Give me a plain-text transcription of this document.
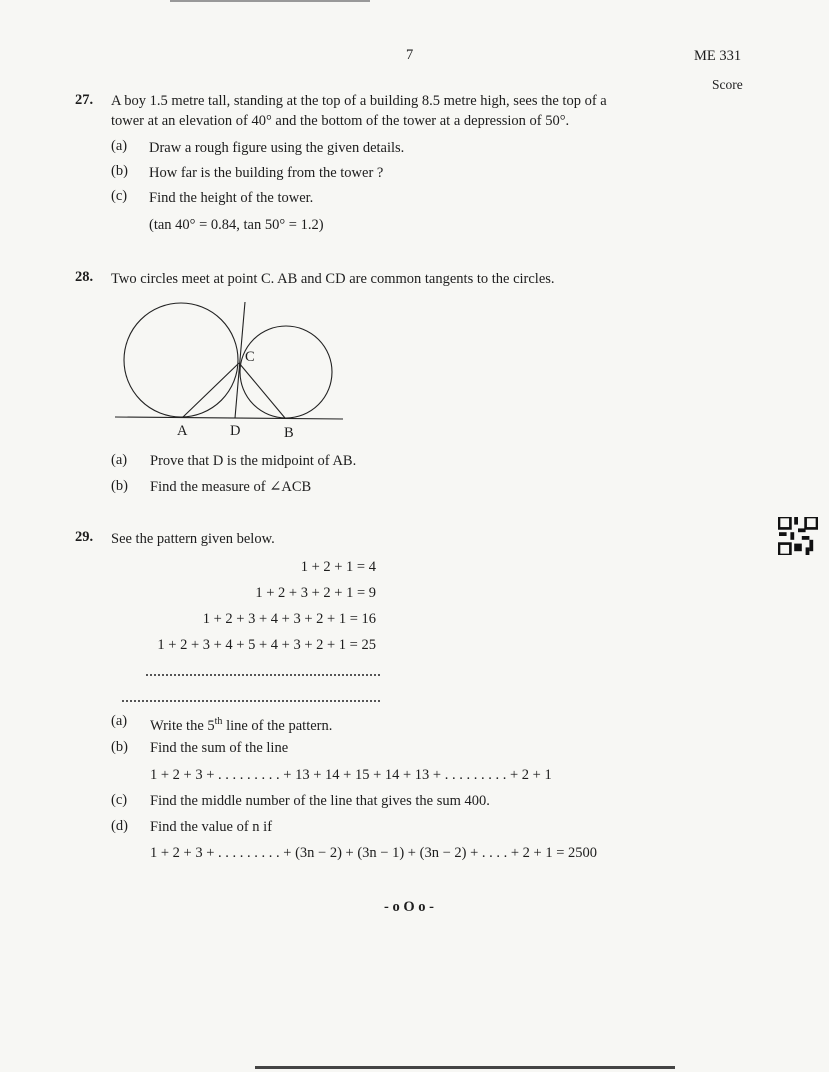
7	ME 331
Score
27. A boy 1.5 metre tall, standing at the top of a building 8.5 metre high, sees the top of a
tower at an elevation of 40° and the bottom of the tower at a depression of 50°.
(a) Draw a rough figure using the given details.
(b) How far is the building from the tower ?
(c) Find the height of the tower.
(tan 40° = 0.84, tan 50° = 1.2)
28. Two circles meet at point C. AB and CD are common tangents to the circles.
C
A	D	B
(a) Prove that D is the midpoint of AB.
(b) Find the measure of ∠ACB
29. See the pattern given below.
1 + 2 + 1 = 4
1 + 2 + 3 + 2 + 1 = 9
1 + 2 + 3 + 4 + 3 + 2 + 1 = 16
1 + 2 + 3 + 4 + 5 + 4 + 3 + 2 + 1 = 25
(a) Write the 5th line of the pattern.
(b) Find the sum of the line
1 + 2 + 3 + . . . . . . . . . + 13 + 14 + 15 + 14 + 13 + . . . . . . . . . + 2 + 1
(c) Find the middle number of the line that gives the sum 400.
(d) Find the value of n if
1 + 2 + 3 + . . . . . . . . . + (3n − 2) + (3n − 1) + (3n − 2) + . . . . + 2 + 1 = 2500
- o O o -
